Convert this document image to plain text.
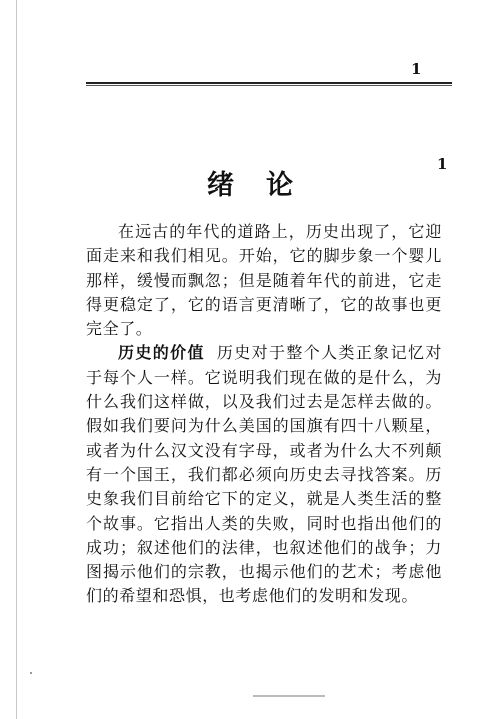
1
1
绪论

在远古的年代的道路上，历史出现了，它迎面走来和我们相见。开始，它的脚步象一个婴儿那样，缓慢而飘忽；但是随着年代的前进，它走得更稳定了，它的语言更清晰了，它的故事也更完全了。

历史的价值 历史对于整个人类正象记忆对于每个人一样。它说明我们现在做的是什么，为什么我们这样做，以及我们过去是怎样去做的。假如我们要问为什么美国的国旗有四十八颗星，或者为什么汉文没有字母，或者为什么大不列颠有一个国王，我们都必须向历史去寻找答案。历史象我们目前给它下的定义，就是人类生活的整个故事。它指出人类的失败，同时也指出他们的成功；叙述他们的法律，也叙述他们的战争；力图揭示他们的宗教，也揭示他们的艺术；考虑他们的希望和恐惧，也考虑他们的发明和发现。
